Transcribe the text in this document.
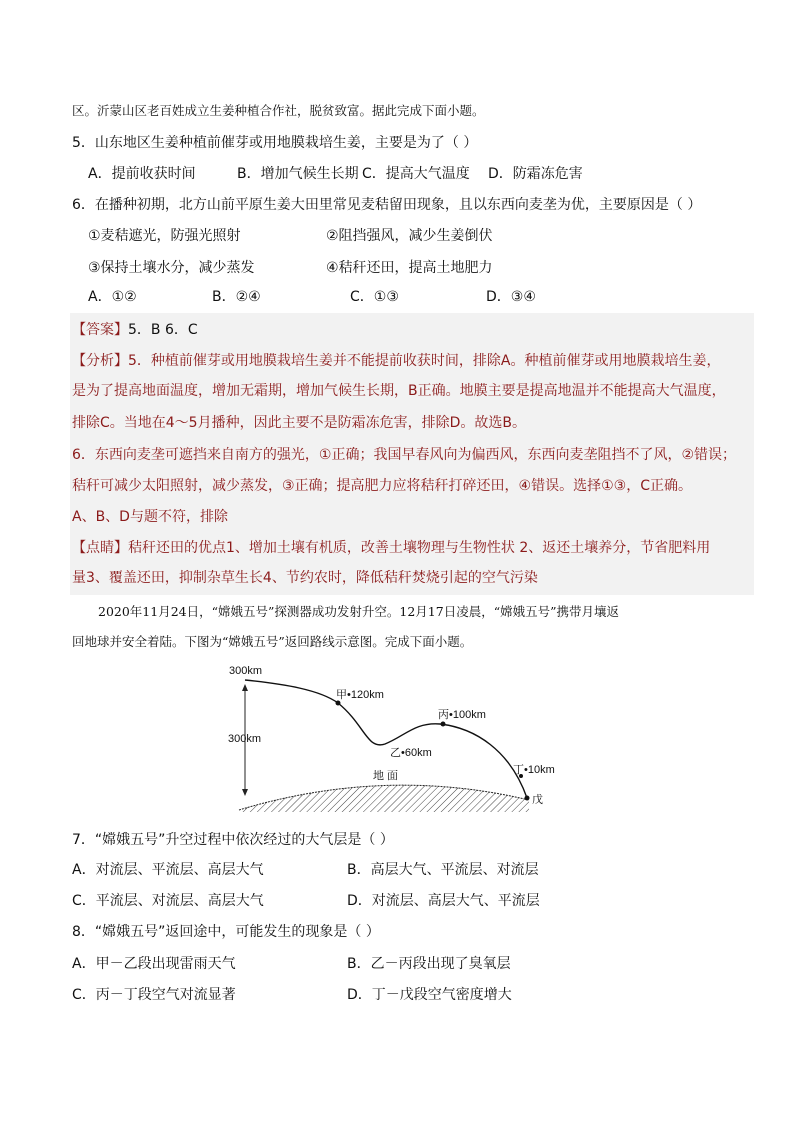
区。沂蒙山区老百姓成立生姜种植合作社，脱贫致富。据此完成下面小题。
5．山东地区生姜种植前催芽或用地膜栽培生姜，主要是为了（ ）
A．提前收获时间	B．增加气候生长期 C．提高大气温度 D．防霜冻危害
6．在播种初期，北方山前平原生姜大田里常见麦秸留田现象，且以东西向麦垄为优，主要原因是（ ）
①麦秸遮光，防强光照射	②阻挡强风，减少生姜倒伏
③保持土壤水分，减少蒸发	④秸秆还田，提高土地肥力
A．①②	B．②④	C．①③	D．③④
【答案】5．B 6．C
【分析】5．种植前催芽或用地膜栽培生姜并不能提前收获时间，排除A。种植前催芽或用地膜栽培生姜，
是为了提高地面温度，增加无霜期，增加气候生长期，B正确。地膜主要是提高地温并不能提高大气温度，
排除C。当地在4～5月播种，因此主要不是防霜冻危害，排除D。故选B。
6．东西向麦垄可遮挡来自南方的强光，①正确；我国早春风向为偏西风，东西向麦垄阻挡不了风，②错误；
秸秆可减少太阳照射，减少蒸发，③正确；提高肥力应将秸秆打碎还田，④错误。选择①③，C正确。
A、B、D与题不符，排除
【点睛】秸秆还田的优点1、增加土壤有机质，改善土壤物理与生物性状 2、返还土壤养分，节省肥料用
量3、覆盖还田，抑制杂草生长4、节约农时，降低秸秆焚烧引起的空气污染
2020年11月24日，“嫦娥五号”探测器成功发射升空。12月17日凌晨，“嫦娥五号”携带月壤返
回地球并安全着陆。下图为“嫦娥五号”返回路线示意图。完成下面小题。
地 面
300km
300km
甲•120km
乙•60km
丙•100km
丁•10km
戊
7．“嫦娥五号”升空过程中依次经过的大气层是（ ）
A．对流层、平流层、高层大气	B．高层大气、平流层、对流层
C．平流层、对流层、高层大气	D．对流层、高层大气、平流层
8．“嫦娥五号”返回途中，可能发生的现象是（ ）
A．甲－乙段出现雷雨天气	B．乙－丙段出现了臭氧层
C．丙－丁段空气对流显著	D．丁－戊段空气密度增大
